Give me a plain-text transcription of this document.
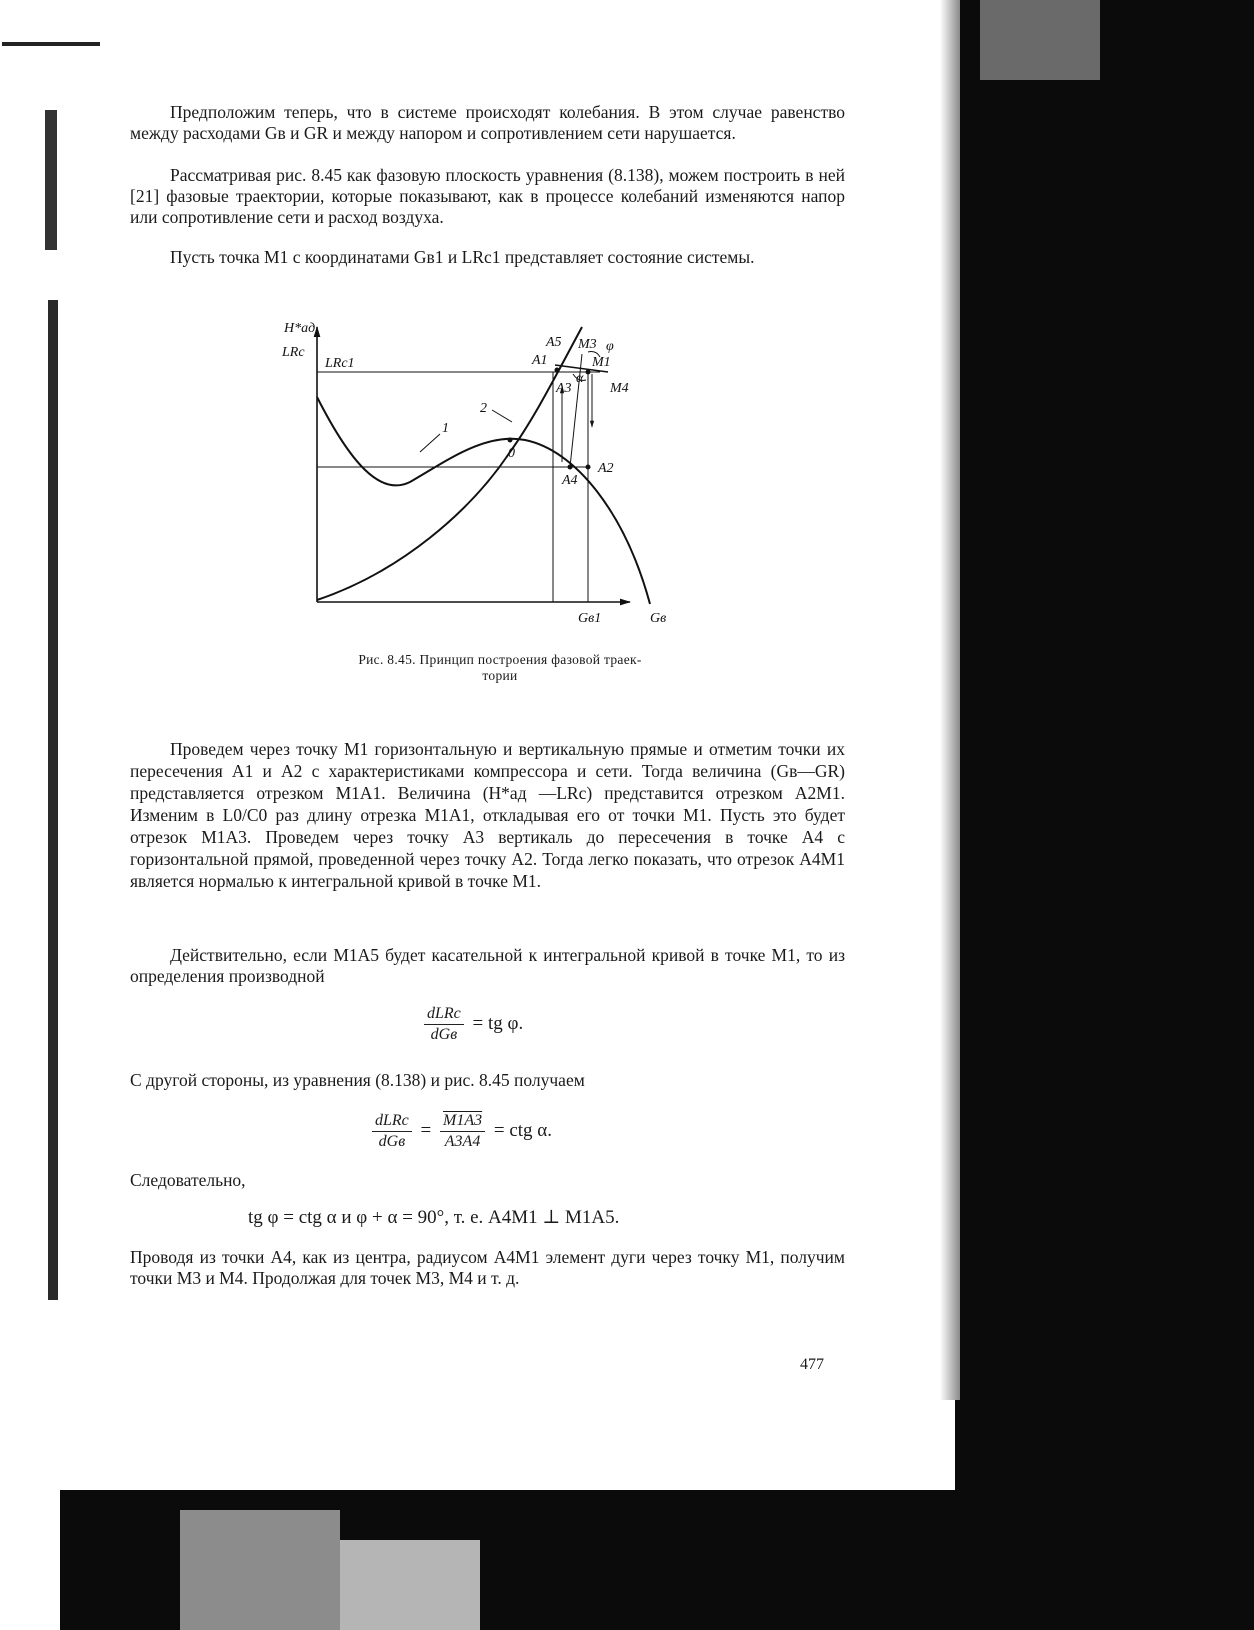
Предположим теперь, что в системе происходят колебания. В этом случае равенство между расходами Gв и GR и между напором и сопротивлением сети нарушается.
Рассматривая рис. 8.45 как фазовую плоскость уравнения (8.138), можем построить в ней [21] фазовые траектории, которые показывают, как в процессе колебаний изменяются напор или сопротивление сети и расход воздуха.
Пусть точка M1 с координатами Gв1 и LRс1 представляет состояние системы.
H*ад
LRc
LRc1
Gв
Gв1
1
2
0
A1
A2
A3
A4
A5
M1
M3
M4
φ
α
Рис. 8.45. Принцип построения фазовой траек-
тории
Проведем через точку M1 горизонтальную и вертикальную прямые и отметим точки их пересечения A1 и A2 с характеристиками компрессора и сети. Тогда величина (Gв—GR) представляется отрезком M1A1. Величина (H*ад —LRс) представится отрезком A2M1. Изменим в L0/C0 раз длину отрезка M1A1, откладывая его от точки M1. Пусть это будет отрезок M1A3. Проведем через точку A3 вертикаль до пересечения в точке A4 с горизонтальной прямой, проведенной через точку A2. Тогда легко показать, что отрезок A4M1 является нормалью к интегральной кривой в точке M1.
Действительно, если M1A5 будет касательной к интегральной кривой в точке M1, то из определения производной
$\frac{\text{dLRc}}{\text{dGв}}$ = tg φ.
С другой стороны, из уравнения (8.138) и рис. 8.45 получаем
$\frac{\text{dLRc}}{\text{dGв}} = \frac{M1A3}{A3A4}$ = ctg α.
Следовательно,
tg φ = ctg α и φ + α = 90°, т. е. A4M1 ⊥ M1A5.
Проводя из точки A4, как из центра, радиусом A4M1 элемент дуги через точку M1, получим точки M3 и M4. Продолжая для точек M3, M4 и т. д.
477
